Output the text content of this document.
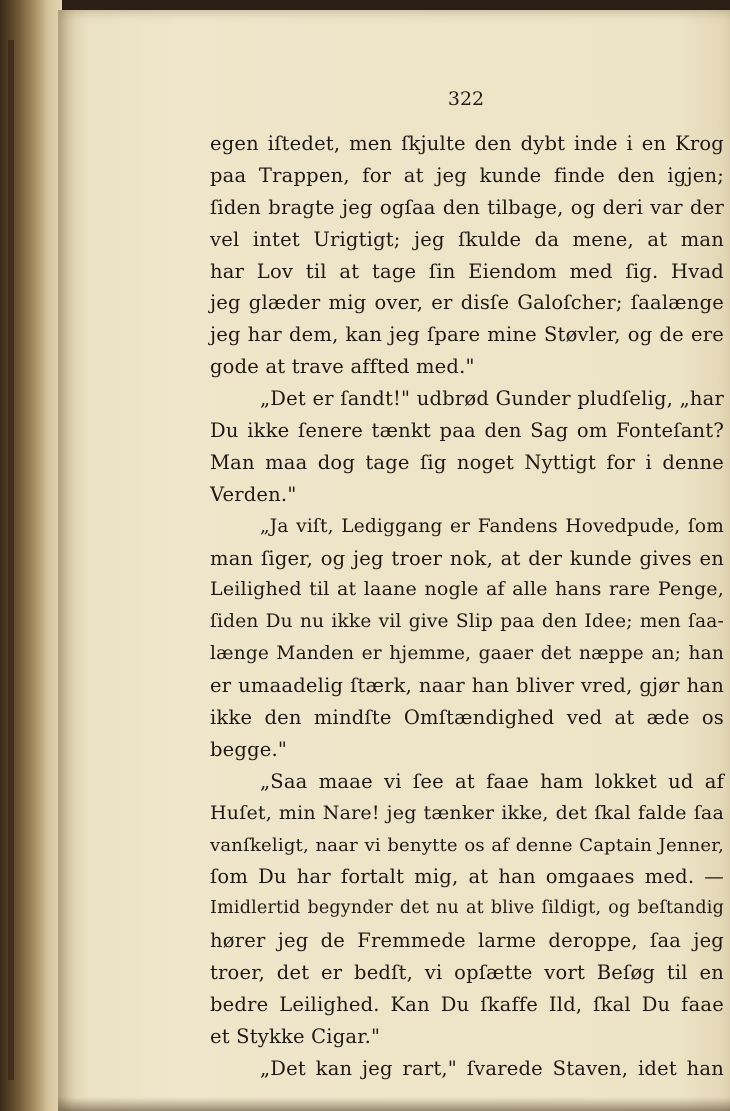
322
egen iſtedet, men ſkjulte den dybt inde i en Krog
paa Trappen, for at jeg kunde finde den igjen;
ſiden bragte jeg ogſaa den tilbage, og deri var der
vel intet Urigtigt; jeg ſkulde da mene, at man
har Lov til at tage ſin Eiendom med ſig. Hvad
jeg glæder mig over, er disſe Galoſcher; ſaalænge
jeg har dem, kan jeg ſpare mine Støvler, og de ere
gode at trave affted med."
„Det er ſandt!" udbrød Gunder pludſelig, „har
Du ikke ſenere tænkt paa den Sag om Fonteſant?
Man maa dog tage ſig noget Nyttigt for i denne
Verden."
„Ja viſt, Lediggang er Fandens Hovedpude, ſom
man ſiger, og jeg troer nok, at der kunde gives en
Leilighed til at laane nogle af alle hans rare Penge,
ſiden Du nu ikke vil give Slip paa den Idee; men ſaa-
længe Manden er hjemme, gaaer det næppe an; han
er umaadelig ſtærk, naar han bliver vred, gjør han
ikke den mindſte Omſtændighed ved at æde os
begge."
„Saa maae vi ſee at faae ham lokket ud af
Huſet, min Nare! jeg tænker ikke, det ſkal falde ſaa
vanſkeligt, naar vi benytte os af denne Captain Jenner,
ſom Du har fortalt mig, at han omgaaes med. —
Imidlertid begynder det nu at blive ſildigt, og beſtandig
hører jeg de Fremmede larme deroppe, ſaa jeg
troer, det er bedſt, vi opſætte vort Beſøg til en
bedre Leilighed. Kan Du ſkaffe Ild, ſkal Du faae
et Stykke Cigar."
„Det kan jeg rart," ſvarede Staven, idet han
